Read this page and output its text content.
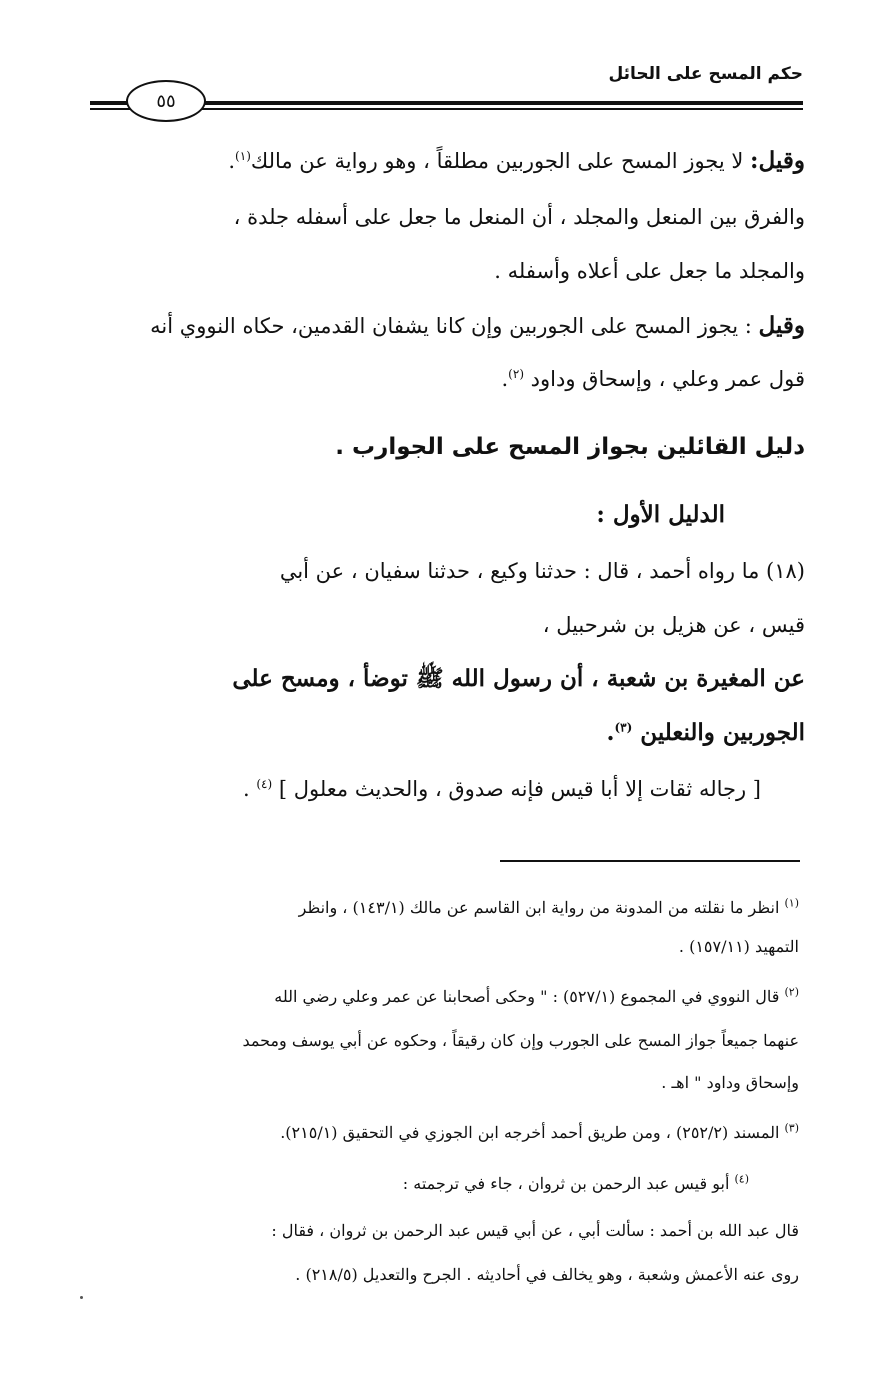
حكم المسح على الحائل
٥٥
وقيل: لا يجوز المسح على الجوربين مطلقاً ، وهو رواية عن مالك$^{(١)}$.
والفرق بين المنعل والمجلد ، أن المنعل ما جعل على أسفله جلدة ،
والمجلد ما جعل على أعلاه وأسفله .
وقيل : يجوز المسح على الجوربين وإن كانا يشفان القدمين، حكاه النووي أنه
قول عمر وعلي ، وإسحاق وداود $^{(٢)}$.
دليل القائلين بجواز المسح على الجوارب .
الدليل الأول :
(١٨) ما رواه أحمد ، قال : حدثنا وكيع ، حدثنا سفيان ، عن أبي
قيس ، عن هزيل بن شرحبيل ،
عن المغيرة بن شعبة ، أن رسول الله ﷺ توضأ ، ومسح على
الجوربين والنعلين $^{(٣)}$.
[ رجاله ثقات إلا أبا قيس فإنه صدوق ، والحديث معلول ] $^{(٤)}$ .
$^{(١)}$ انظر ما نقلته من المدونة من رواية ابن القاسم عن مالك (١٤٣/١) ، وانظر
التمهيد (١٥٧/١١) .
$^{(٢)}$ قال النووي في المجموع (٥٢٧/١) : " وحكى أصحابنا عن عمر وعلي رضي الله
عنهما جميعاً جواز المسح على الجورب وإن كان رقيقاً ، وحكوه عن أبي يوسف ومحمد
وإسحاق وداود " اهـ .
$^{(٣)}$ المسند (٢٥٢/٢) ، ومن طريق أحمد أخرجه ابن الجوزي في التحقيق (٢١٥/١).
$^{(٤)}$ أبو قيس عبد الرحمن بن ثروان ، جاء في ترجمته :
قال عبد الله بن أحمد : سألت أبي ، عن أبي قيس عبد الرحمن بن ثروان ، فقال :
روى عنه الأعمش وشعبة ، وهو يخالف في أحاديثه . الجرح والتعديل (٢١٨/٥) .
